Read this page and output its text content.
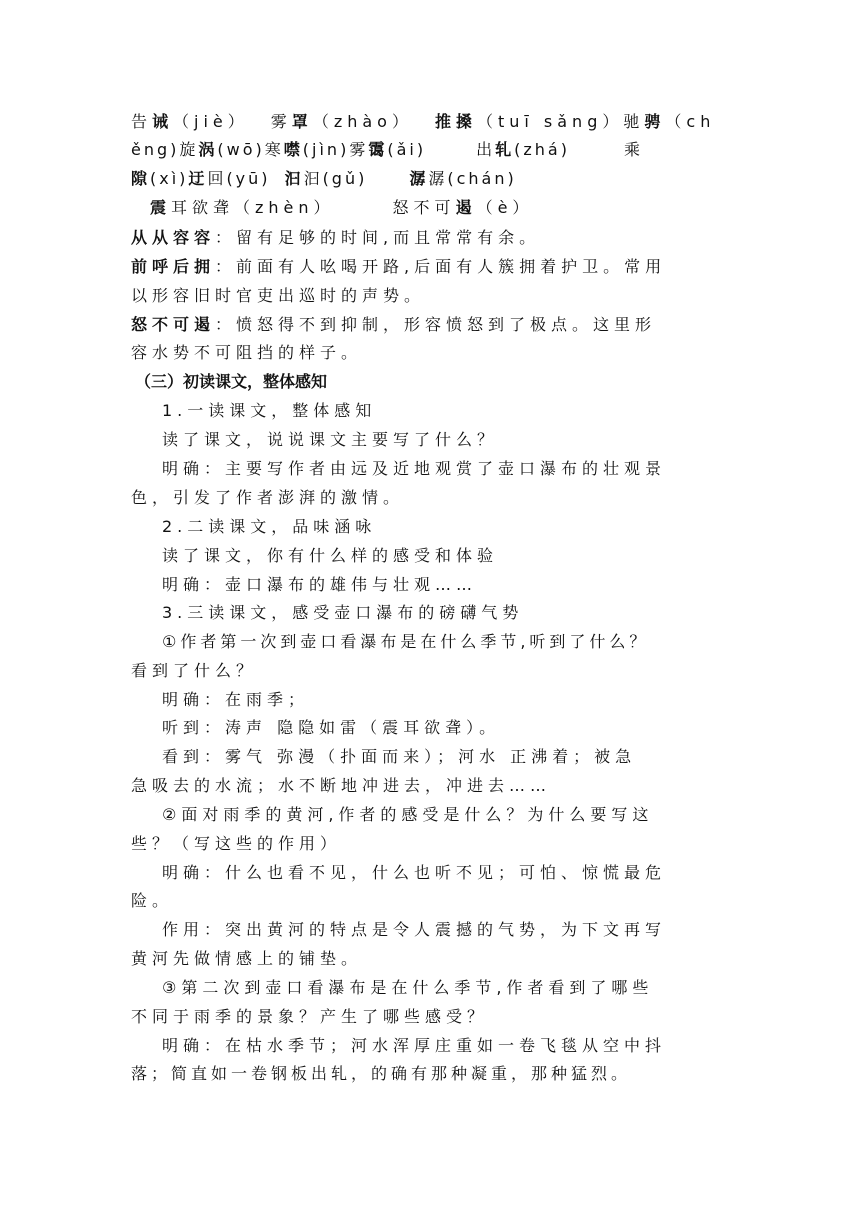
告诫（jiè） 雾罩（zhào） 推搡（tuī sǎng）驰骋（ch
ěng)旋涡(wō)寒噤(jìn)雾霭(ǎi)	出轧(zhá)	乘
隙(xì)迂回(yū) 汩汩(gǔ)	潺潺(chán)
震耳欲聋（zhèn）	怒不可遏（è）
从从容容：留有足够的时间,而且常常有余。
前呼后拥：前面有人吆喝开路,后面有人簇拥着护卫。常用
以形容旧时官吏出巡时的声势。
怒不可遏：愤怒得不到抑制，形容愤怒到了极点。这里形
容水势不可阻挡的样子。
（三）初读课文，整体感知
1.一读课文，整体感知
读了课文，说说课文主要写了什么？
明确：主要写作者由远及近地观赏了壶口瀑布的壮观景
色，引发了作者澎湃的激情。
2.二读课文，品味涵咏
读了课文，你有什么样的感受和体验
明确：壶口瀑布的雄伟与壮观……
3.三读课文，感受壶口瀑布的磅礴气势
①作者第一次到壶口看瀑布是在什么季节,听到了什么？
看到了什么？
明确：在雨季；
听到：涛声 隐隐如雷（震耳欲聋）。
看到：雾气 弥漫（扑面而来）；河水 正沸着；被急
急吸去的水流；水不断地冲进去，冲进去……
②面对雨季的黄河,作者的感受是什么？为什么要写这
些？（写这些的作用）
明确：什么也看不见，什么也听不见；可怕、惊慌最危
险。
作用：突出黄河的特点是令人震撼的气势，为下文再写
黄河先做情感上的铺垫。
③第二次到壶口看瀑布是在什么季节,作者看到了哪些
不同于雨季的景象？产生了哪些感受？
明确：在枯水季节；河水浑厚庄重如一卷飞毯从空中抖
落；简直如一卷钢板出轧，的确有那种凝重，那种猛烈。
